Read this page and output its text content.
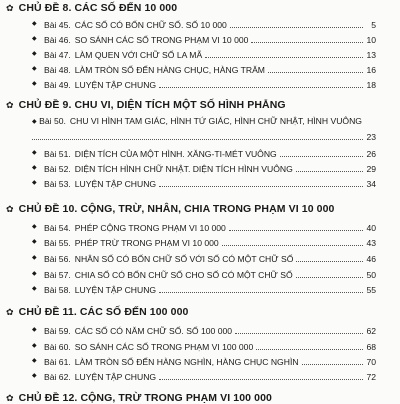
✿ CHỦ ĐỀ 8. CÁC SỐ ĐẾN 10 000
◆ Bài 45. CÁC SỐ CÓ BỐN CHỮ SỐ. SỐ 10 000	5
◆ Bài 46. SO SÁNH CÁC SỐ TRONG PHẠM VI 10 000	10
◆ Bài 47. LÀM QUEN VỚI CHỮ SỐ LA MÃ	13
◆ Bài 48. LÀM TRÒN SỐ ĐẾN HÀNG CHỤC, HÀNG TRĂM	16
◆ Bài 49. LUYỆN TẬP CHUNG	18
✿ CHỦ ĐỀ 9. CHU VI, DIỆN TÍCH MỘT SỐ HÌNH PHẲNG
◆ Bài 50. CHU VI HÌNH TAM GIÁC, HÌNH TỨ GIÁC, HÌNH CHỮ NHẬT, HÌNH VUÔNG
23
◆ Bài 51. DIỆN TÍCH CỦA MỘT HÌNH. XĂNG-TI-MÉT VUÔNG	26
◆ Bài 52. DIỆN TÍCH HÌNH CHỮ NHẬT. DIỆN TÍCH HÌNH VUÔNG	29
◆ Bài 53. LUYỆN TẬP CHUNG	34
✿ CHỦ ĐỀ 10. CỘNG, TRỪ, NHÂN, CHIA TRONG PHẠM VI 10 000
◆ Bài 54. PHÉP CỘNG TRONG PHẠM VI 10 000	40
◆ Bài 55. PHÉP TRỪ TRONG PHẠM VI 10 000	43
◆ Bài 56. NHÂN SỐ CÓ BỐN CHỮ SỐ VỚI SỐ CÓ MỘT CHỮ SỐ	46
◆ Bài 57. CHIA SỐ CÓ BỐN CHỮ SỐ CHO SỐ CÓ MỘT CHỮ SỐ	50
◆ Bài 58. LUYỆN TẬP CHUNG	55
✿ CHỦ ĐỀ 11. CÁC SỐ ĐẾN 100 000
◆ Bài 59. CÁC SỐ CÓ NĂM CHỮ SỐ. SỐ 100 000	62
◆ Bài 60. SO SÁNH CÁC SỐ TRONG PHẠM VI 100 000	68
◆ Bài 61. LÀM TRÒN SỐ ĐẾN HÀNG NGHÌN, HÀNG CHỤC NGHÌN	70
◆ Bài 62. LUYỆN TẬP CHUNG	72
✿ CHỦ ĐỀ 12. CỘNG, TRỪ TRONG PHẠM VI 100 000
